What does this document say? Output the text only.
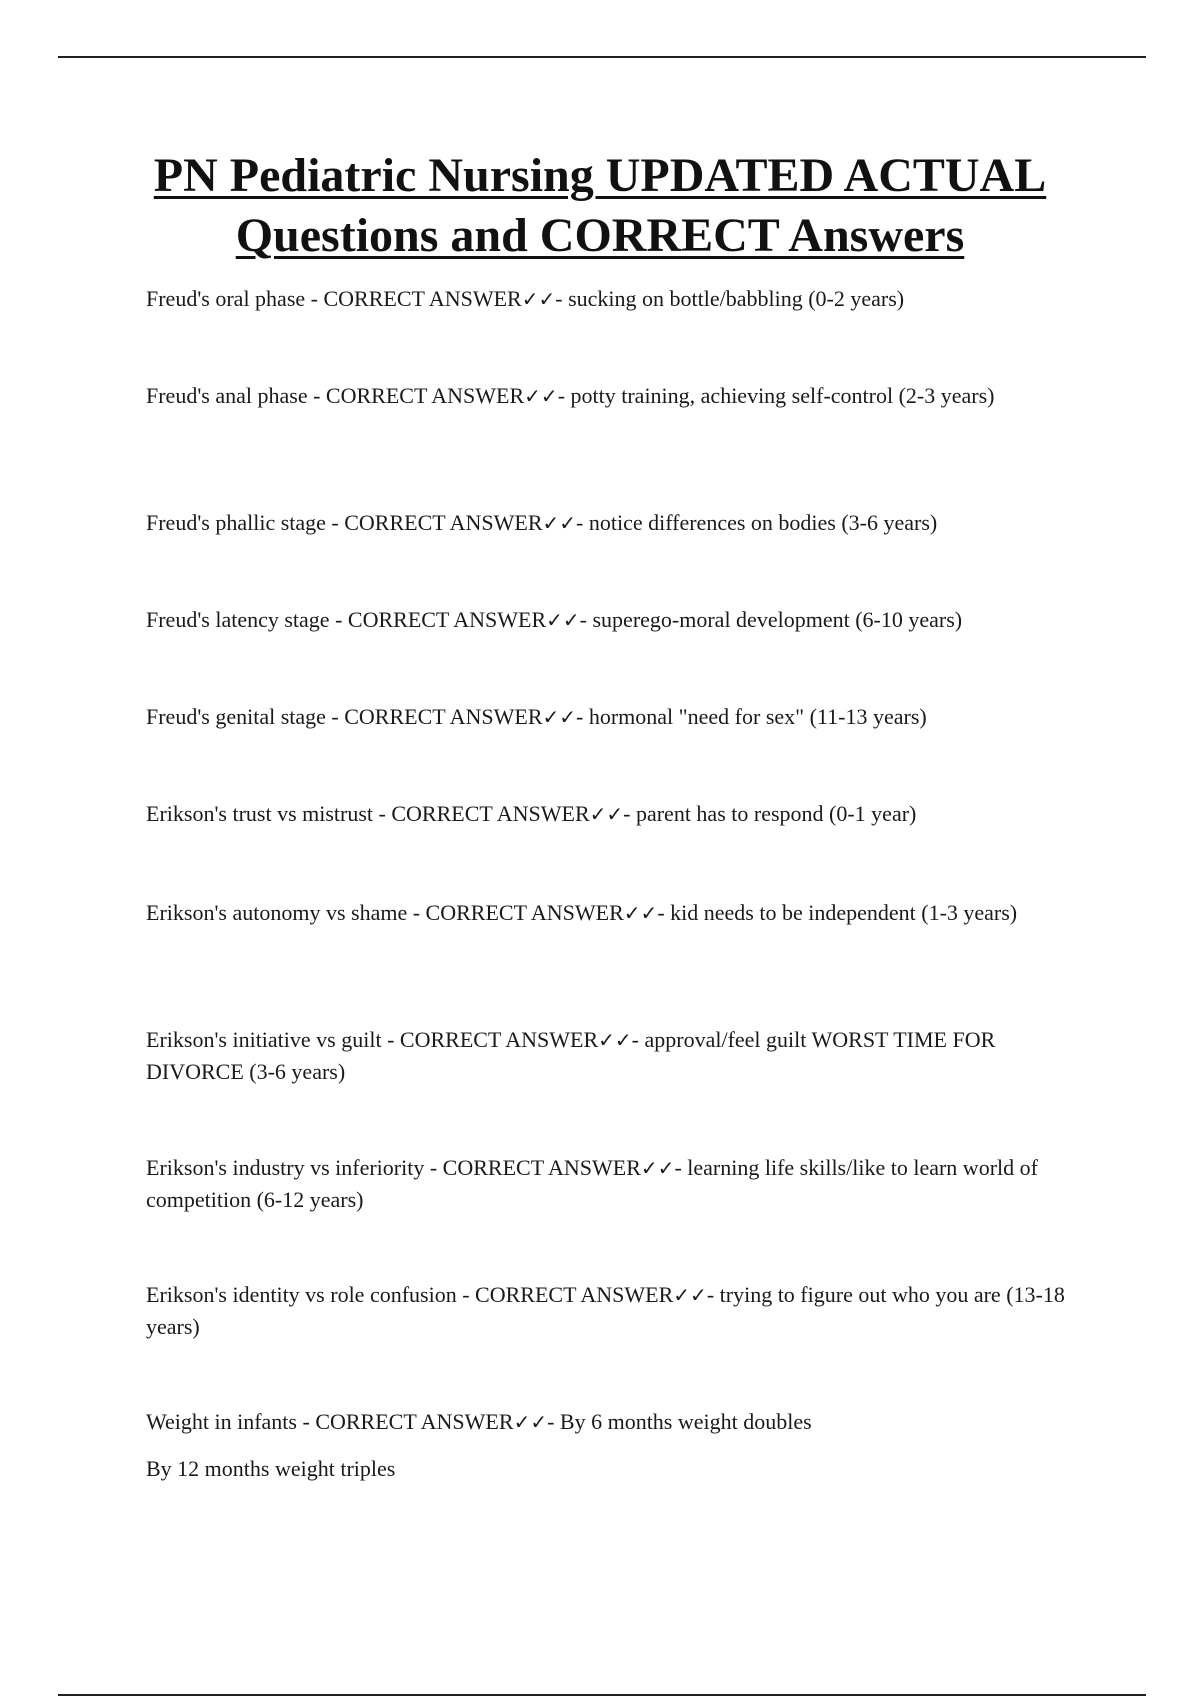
PN Pediatric Nursing UPDATED ACTUAL
Questions and CORRECT Answers

Freud's oral phase - CORRECT ANSWER✓✓- sucking on bottle/babbling (0-2 years)

Freud's anal phase - CORRECT ANSWER✓✓- potty training, achieving self-control (2-3 years)

Freud's phallic stage - CORRECT ANSWER✓✓- notice differences on bodies (3-6 years)

Freud's latency stage - CORRECT ANSWER✓✓- superego-moral development (6-10 years)

Freud's genital stage - CORRECT ANSWER✓✓- hormonal "need for sex" (11-13 years)

Erikson's trust vs mistrust - CORRECT ANSWER✓✓- parent has to respond (0-1 year)

Erikson's autonomy vs shame - CORRECT ANSWER✓✓- kid needs to be independent (1-3 years)

Erikson's initiative vs guilt - CORRECT ANSWER✓✓- approval/feel guilt WORST TIME FOR DIVORCE (3-6 years)

Erikson's industry vs inferiority - CORRECT ANSWER✓✓- learning life skills/like to learn world of competition (6-12 years)

Erikson's identity vs role confusion - CORRECT ANSWER✓✓- trying to figure out who you are (13-18 years)

Weight in infants - CORRECT ANSWER✓✓- By 6 months weight doubles

By 12 months weight triples
